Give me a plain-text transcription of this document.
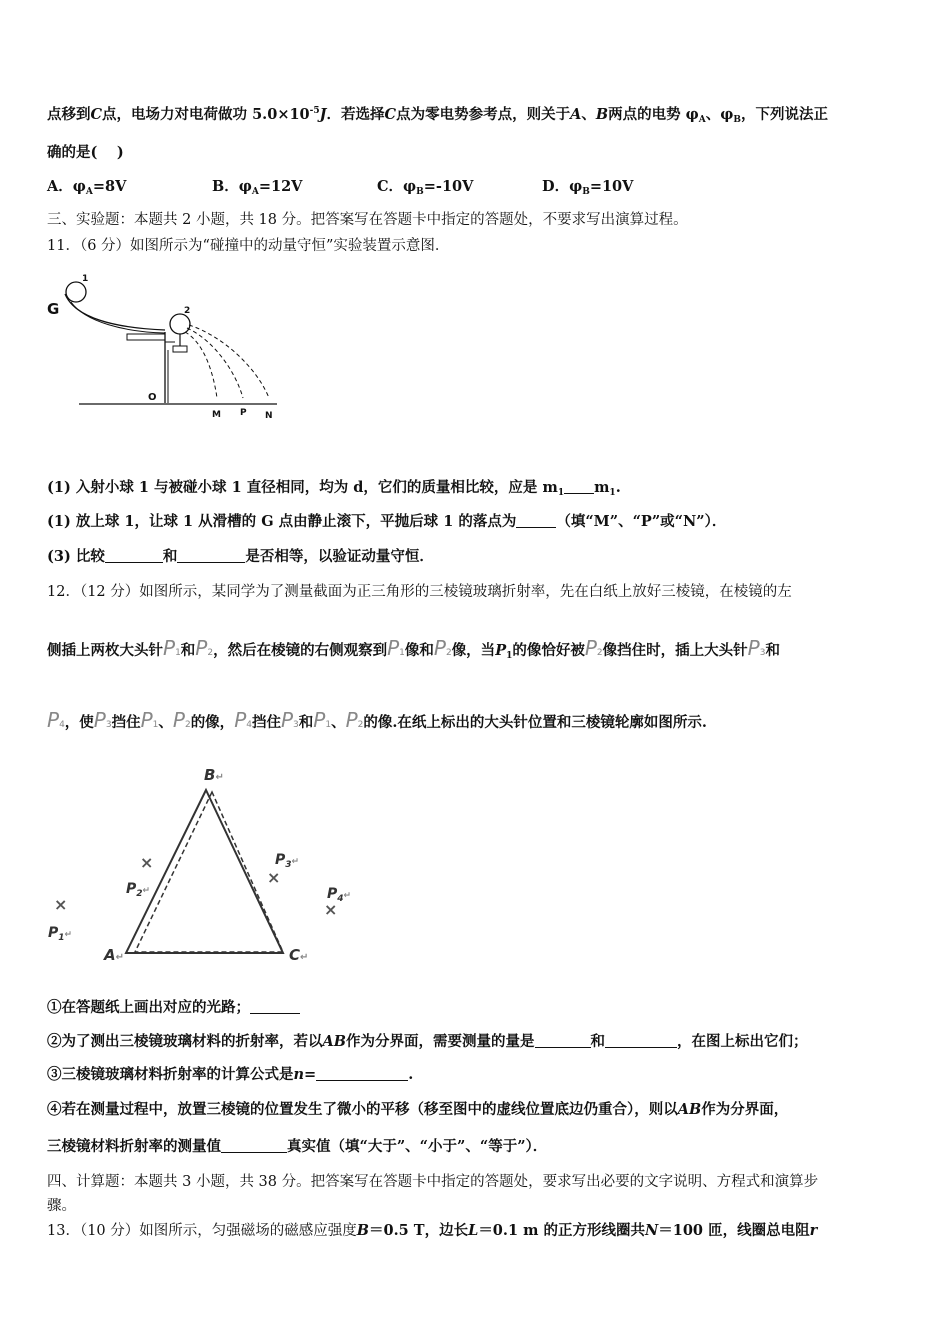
点移到C点，电场力对电荷做功 $5.0\times 10^{-5}J$．若选择C点为零电势参考点，则关于A、B两点的电势 $\varphi_A$、$\varphi_B$，下列说法正
确的是(　 )
A．$\varphi_A=8V$	B．$\varphi_A=12V$	C．$\varphi_B=-10V$	D．$\varphi_B=10V$
三、实验题：本题共 2 小题，共 18 分。把答案写在答题卡中指定的答题处，不要求写出演算过程。
11．（6 分）如图所示为“碰撞中的动量守恒”实验装置示意图．
G
1
2
O
M P N
(1) 入射小球 1 与被碰小球 1 直径相同，均为 d，它们的质量相比较，应是 $m_1$ $m_1$.
(1) 放上球 1，让球 1 从滑槽的 G 点由静止滚下，平抛后球 1 的落点为	（填“M”、“P”或“N”）．
(3) 比较	和	是否相等，以验证动量守恒．
12．（12 分）如图所示，某同学为了测量截面为正三角形的三棱镜玻璃折射率，先在白纸上放好三棱镜，在棱镜的左
侧插上两枚大头针P1和P2，然后在棱镜的右侧观察到P1像和P2像，当$P_1$的像恰好被P2像挡住时，插上大头针P3和
P4，使P3挡住P1、P2的像，P4挡住P3和P1、P2的像.在纸上标出的大头针位置和三棱镜轮廓如图所示.
B↵
A↵	C↵
×
$P_1^↵$
×
$P_2^↵$
$P_3^↵$
×
$P_4^↵$
×
①在答题纸上画出对应的光路；
②为了测出三棱镜玻璃材料的折射率，若以AB作为分界面，需要测量的量是	和	，在图上标出它们；
③三棱镜玻璃材料折射率的计算公式是n=	.
④若在测量过程中，放置三棱镜的位置发生了微小的平移（移至图中的虚线位置底边仍重合），则以AB作为分界面，
三棱镜材料折射率的测量值	真实值（填“大于”、“小于”、“等于”）．
四、计算题：本题共 3 小题，共 38 分。把答案写在答题卡中指定的答题处，要求写出必要的文字说明、方程式和演算步
骤。
13．（10 分）如图所示，匀强磁场的磁感应强度B＝0.5 T，边长L＝0.1 m 的正方形线圈共N＝100 匝，线圈总电阻r
